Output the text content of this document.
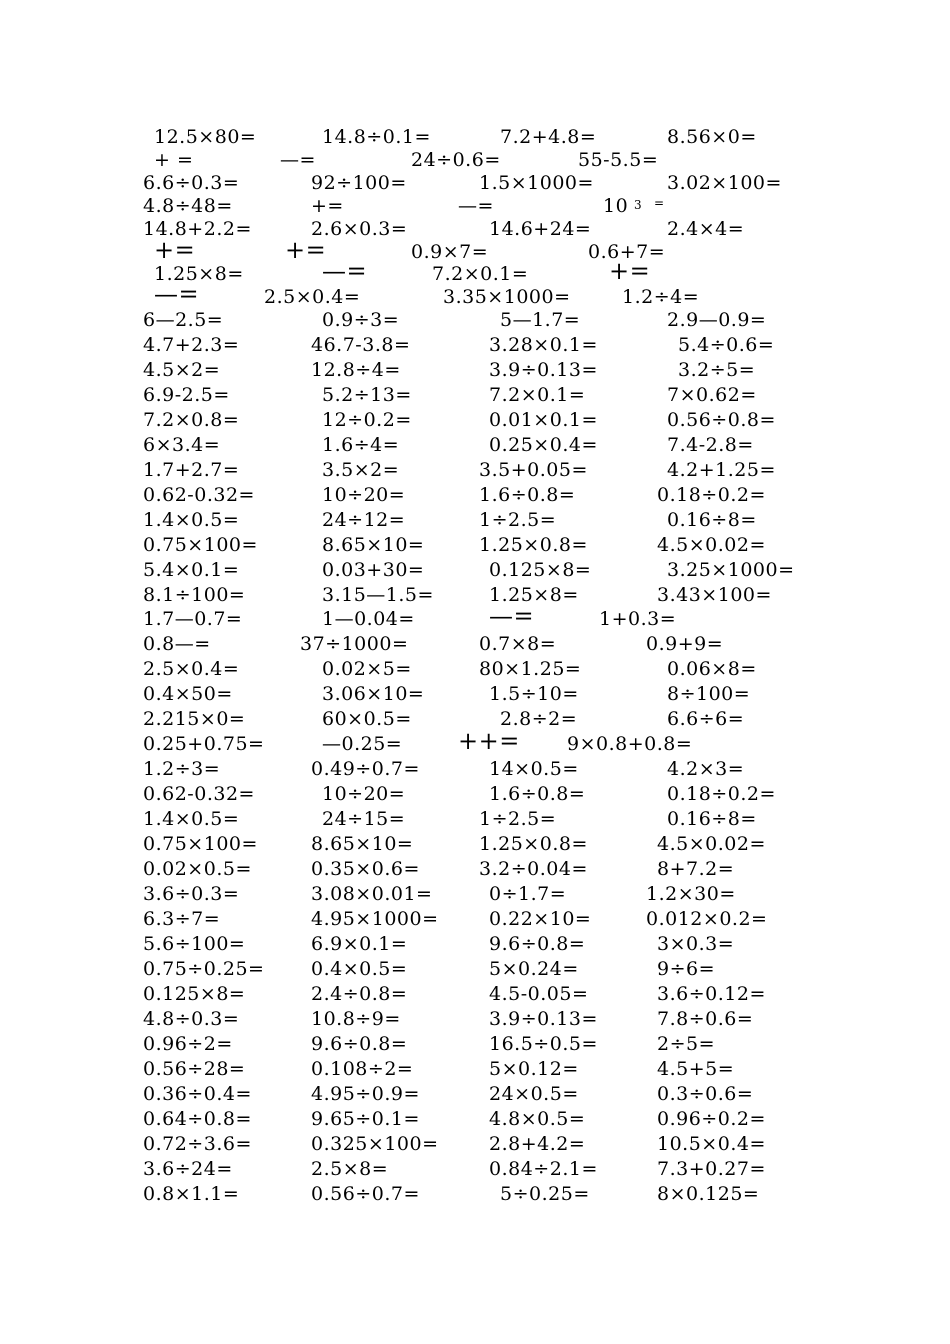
12.5×80=	14.8÷0.1=	7.2+4.8=	8.56×0=
+ =	—=	24÷0.6=	55-5.5=
6.6÷0.3=	92÷100=	1.5×1000=	3.02×100=
4.8÷48=	+=	—=	10 3 =
14.8+2.2=	2.6×0.3=	14.6+24=	2.4×4=
+=	+=	0.9×7=	0.6+7=
1.25×8=	—=	7.2×0.1=	+=
—=	2.5×0.4=	3.35×1000=	1.2÷4=
6—2.5=	0.9÷3=	5—1.7=	2.9—0.9=
4.7+2.3=	46.7-3.8=	3.28×0.1=	5.4÷0.6=
4.5×2=	12.8÷4=	3.9÷0.13=	3.2÷5=
6.9-2.5=	5.2÷13=	7.2×0.1=	7×0.62=
7.2×0.8=	12÷0.2=	0.01×0.1=	0.56÷0.8=
6×3.4=	1.6÷4=	0.25×0.4=	7.4-2.8=
1.7+2.7=	3.5×2=	3.5+0.05=	4.2+1.25=
0.62-0.32=	10÷20=	1.6÷0.8=	0.18÷0.2=
1.4×0.5=	24÷12=	1÷2.5=	0.16÷8=
0.75×100=	8.65×10=	1.25×0.8=	4.5×0.02=
5.4×0.1=	0.03+30=	0.125×8=	3.25×1000=
8.1÷100=	3.15—1.5=	1.25×8=	3.43×100=
1.7—0.7=	1—0.04=	—=	1+0.3=
0.8—=	37÷1000=	0.7×8=	0.9+9=
2.5×0.4=	0.02×5=	80×1.25=	0.06×8=
0.4×50=	3.06×10=	1.5÷10=	8÷100=
2.215×0=	60×0.5=	2.8÷2=	6.6÷6=
0.25+0.75=	—0.25= ++= 9×0.8+0.8=
1.2÷3=	0.49÷0.7=	14×0.5=	4.2×3=
0.62-0.32=	10÷20=	1.6÷0.8=	0.18÷0.2=
1.4×0.5=	24÷15=	1÷2.5=	0.16÷8=
0.75×100=	8.65×10=	1.25×0.8=	4.5×0.02=
0.02×0.5=	0.35×0.6=	3.2÷0.04=	8+7.2=
3.6÷0.3=	3.08×0.01=	0÷1.7=	1.2×30=
6.3÷7=	4.95×1000=	0.22×10=	0.012×0.2=
5.6÷100=	6.9×0.1=	9.6÷0.8=	3×0.3=
0.75÷0.25= 0.4×0.5=	5×0.24=	9÷6=
0.125×8=	2.4÷0.8=	4.5-0.05=	3.6÷0.12=
4.8÷0.3=	10.8÷9=	3.9÷0.13=	7.8÷0.6=
0.96÷2=	9.6÷0.8=	16.5÷0.5=	2÷5=
0.56÷28=	0.108÷2=	5×0.12=	4.5+5=
0.36÷0.4=	4.95÷0.9=	24×0.5=	0.3÷0.6=
0.64÷0.8=	9.65÷0.1=	4.8×0.5=	0.96÷0.2=
0.72÷3.6=	0.325×100=	2.8+4.2=	10.5×0.4=
3.6÷24=	2.5×8=	0.84÷2.1=	7.3+0.27=
0.8×1.1=	0.56÷0.7=	5÷0.25=	8×0.125=
